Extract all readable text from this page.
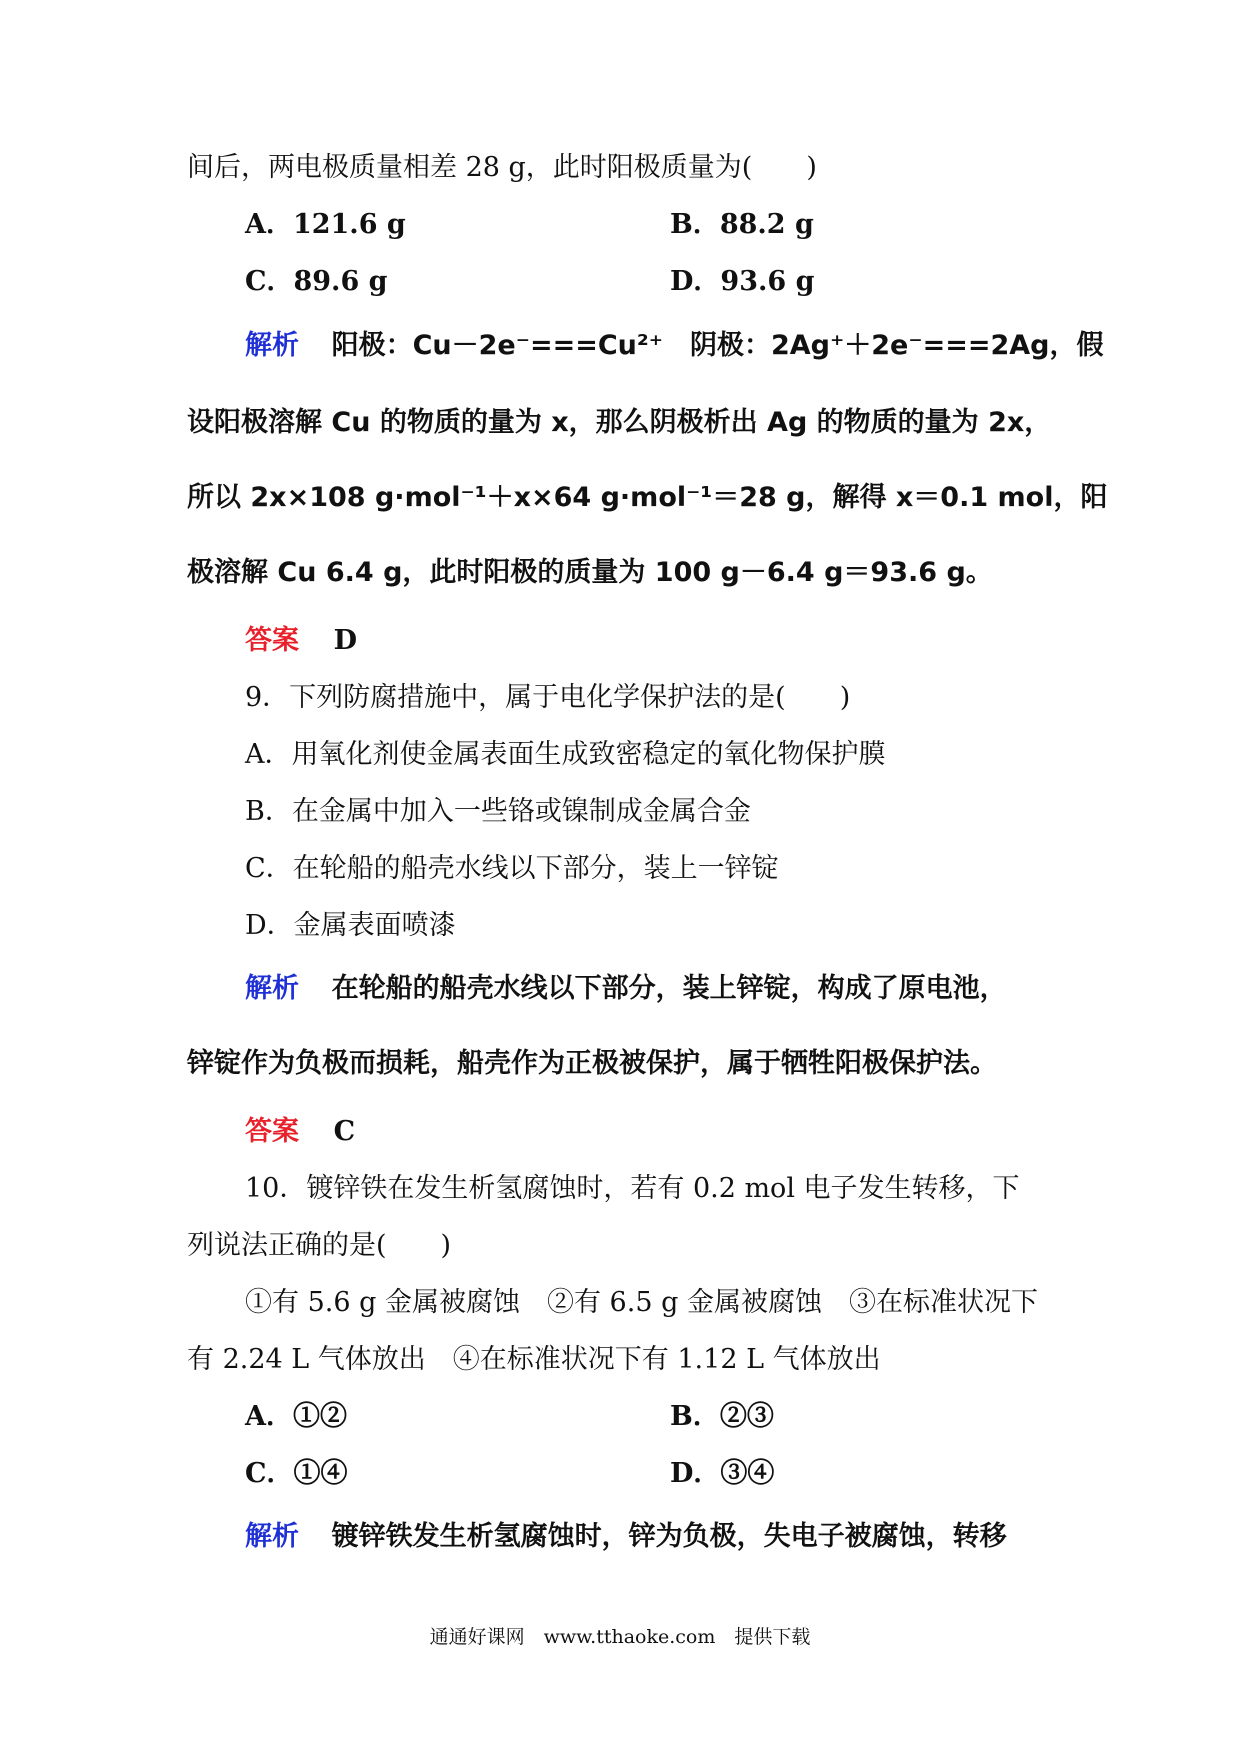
间后，两电极质量相差 28 g，此时阳极质量为(　　)
A．121.6 g	B．88.2 g
C．89.6 g	D．93.6 g
解析 阳极：Cu－2e⁻===Cu²⁺　阴极：2Ag⁺＋2e⁻===2Ag，假
设阳极溶解 Cu 的物质的量为 x，那么阴极析出 Ag 的物质的量为 2x，
所以 2x×108 g·mol⁻¹＋x×64 g·mol⁻¹＝28 g，解得 x＝0.1 mol，阳
极溶解 Cu 6.4 g，此时阳极的质量为 100 g－6.4 g＝93.6 g。
答案 D
9．下列防腐措施中，属于电化学保护法的是(　　)
A．用氧化剂使金属表面生成致密稳定的氧化物保护膜
B．在金属中加入一些铬或镍制成金属合金
C．在轮船的船壳水线以下部分，装上一锌锭
D．金属表面喷漆
解析 在轮船的船壳水线以下部分，装上锌锭，构成了原电池，
锌锭作为负极而损耗，船壳作为正极被保护，属于牺牲阳极保护法。
答案 C
10．镀锌铁在发生析氢腐蚀时，若有 0.2 mol 电子发生转移，下
列说法正确的是(　　)
①有 5.6 g 金属被腐蚀　②有 6.5 g 金属被腐蚀　③在标准状况下
有 2.24 L 气体放出　④在标准状况下有 1.12 L 气体放出
A．①②	B．②③
C．①④	D．③④
解析 镀锌铁发生析氢腐蚀时，锌为负极，失电子被腐蚀，转移
通通好课网　www.tthaoke.com　提供下载
